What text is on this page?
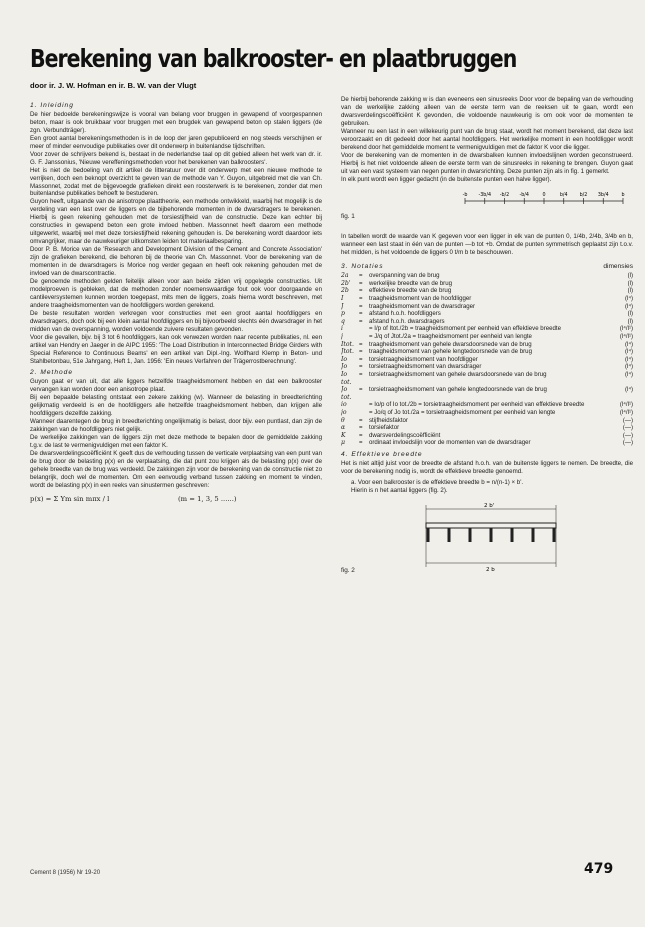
Berekening van balkrooster- en plaatbruggen
door ir. J. W. Hofman en ir. B. W. van der Vlugt
1. Inleiding

De hier bedoelde berekeningswijze is vooral van belang voor bruggen in gewapend of voorgespannen beton, maar is ook bruikbaar voor bruggen met een brugdek van gewapend beton op stalen liggers (de zgn. Verbundträger).

Een groot aantal berekeningsmethoden is in de loop der jaren gepubliceerd en nog steeds verschijnen er meer of minder eenvoudige publikaties over dit onderwerp in buitenlandse tijdschriften.

Voor zover de schrijvers bekend is, bestaat in de nederlandse taal op dit gebied alleen het werk van dr. ir. G. F. Janssonius, 'Nieuwe vereffeningsmethoden voor het berekenen van balkroosters'.

Het is niet de bedoeling van dit artikel de litteratuur over dit onderwerp met een nieuwe methode te verrijken, doch een beknopt overzicht te geven van de methode van Y. Guyon, uitgebreid met die van Ch. Massonnet, zodat met de bijgevoegde grafieken direkt een roosterwerk is te berekenen, zonder dat men buitenlandse publikaties behoeft te bestuderen.

Guyon heeft, uitgaande van de anisotrope plaattheorie, een methode ontwikkeld, waarbij het mogelijk is de verdeling van een last over de liggers en de bijbehorende momenten in de dwarsdragers te berekenen. Hierbij is geen rekening gehouden met de torsiestijfheid van de constructie. Deze kan echter bij constructies in gewapend beton een grote invloed hebben. Massonnet heeft daarom een methode uitgewerkt, waarbij wel met deze torsiestijfheid rekening gehouden is. De berekening wordt daardoor iets omvangrijker, maar de nauwkeuriger uitkomsten leiden tot materiaalbesparing.

Door P. B. Morice van de 'Research and Development Division of the Cement and Concrete Association' zijn de grafieken berekend, die behoren bij de theorie van Ch. Massonnet. Voor de berekening van de momenten in de dwarsdragers is Morice nog verder gegaan en heeft ook rekening gehouden met de invloed van de dwarscontractie.

De genoemde methoden gelden feitelijk alleen voor aan beide zijden vrij opgelegde constructies. Uit modelproeven is gebleken, dat de methoden zonder noemenswaardige fout ook voor doorgaande en cantileversystemen kunnen worden toegepast, mits men de liggers, zoals hierna wordt beschreven, met andere traagheidsmomenten van de hoofdliggers worden gerekend.

De beste resultaten worden verkregen voor constructies met een groot aantal hoofdliggers en dwarsdragers, doch ook bij een klein aantal hoofdliggers en bij bijvoorbeeld slechts één dwarsdrager in het midden van de overspanning, worden voldoende zuivere resultaten gevonden.

Voor die gevallen, bijv. bij 3 tot 6 hoofdliggers, kan ook verwezen worden naar recente publikaties, nl. een artikel van Hendry en Jaeger in de AIPC 1955: 'The Load Distribution in Interconnected Bridge Girders with Special Reference to Continuous Beams' en een artikel van Dipl.-Ing. Wolfhard Klemp in Beton- und Stahlbetonbau, 51e Jahrgang, Heft 1, Jan. 1956: 'Ein neues Verfahren der Trägerrostberechnung'.

2. Methode

Guyon gaat er van uit, dat alle liggers hetzelfde traagheidsmoment hebben en dat een balkrooster vervangen kan worden door een anisotrope plaat.

Bij een bepaalde belasting ontstaat een zekere zakking (w). Wanneer de belasting in breedterichting gelijkmatig verdeeld is en de hoofdliggers alle hetzelfde traagheidsmoment hebben, dan krijgen alle hoofdliggers dezelfde zakking.

Wanneer daarentegen de brug in breedterichting ongelijkmatig is belast, door bijv. een puntlast, dan zijn de zakkingen van de hoofdliggers niet gelijk.

De werkelijke zakkingen van de liggers zijn met deze methode te bepalen door de gemiddelde zakking t.g.v. de last te vermenigvuldigen met een faktor K.

De dwarsverdelingscoëfficiënt K geeft dus de verhouding tussen de verticale verplaatsing van een punt van de brug door de belasting p(x) en de verplaatsing, die dat punt zou krijgen als de belasting p(x) over de gehele breedte van de brug was verdeeld. De zakkingen zijn voor de berekening van de constructie niet zo belangrijk, doch wel de momenten. Om een eenvoudig verband tussen zakking en moment te vinden, wordt de belasting p(x) in een reeks van sinustermen geschreven:

p(x) = Σ Ym sin mπx / l	(m = 1, 3, 5 ......)

De hierbij behorende zakking w is dan eveneens een sinusreeks Door voor de bepaling van de verhouding van de werkelijke zakking alleen van de eerste term van de reeksen uit te gaan, wordt een dwarsverdelingscoëfficiënt K gevonden, die voldoende nauwkeurig is om ook voor de momenten te gebruiken.

Wanneer nu een last in een willekeurig punt van de brug staat, wordt het moment berekend, dat deze last veroorzaakt en dit gedeeld door het aantal hoofdliggers. Het werkelijke moment in een hoofdligger wordt berekend door het gemiddelde moment te vermenigvuldigen met de faktor K voor die ligger.

Voor de berekening van de momenten in de dwarsbalken kunnen invloedslijnen worden geconstrueerd. Hierbij is het niet voldoende alleen de eerste term van de sinusreeks in rekening te brengen. Guyon gaat uit van een vast systeem van negen punten in dwarsrichting. Deze punten zijn als in fig. 1 gemerkt.

In elk punt wordt een ligger gedacht (in de buitenste punten een halve ligger).

fig. 1
-b -3b/4 -b/2 -b/4	0	b/4	b/2 3b/4	b

In tabellen wordt de waarde van K gegeven voor een ligger in elk van de punten 0, 1/4b, 2/4b, 3/4b en b, wanneer een last staat in één van de punten —b tot +b. Omdat de punten symmetrisch geplaatst zijn t.o.v. het midden, is het voldoende de liggers 0 t/m b te beschouwen.

3. Notaties	dimensies
2a	=	overspanning van de brug	(l)
2b'	=	werkelijke breedte van de brug	(l)
2b	=	effektieve breedte van de brug	(l)
I	=	traagheidsmoment van de hoofdligger	(l⁴)
J	=	traagheidsmoment van de dwarsdrager	(l⁴)
p	=	afstand h.o.h. hoofdliggers	(l)
q	=	afstand h.o.h. dwarsdragers	(l)
i		= I/p of Itot./2b = traagheidsmoment per eenheid van effektieve breedte	(l⁴/l¹)
j		= J/q of Jtot./2a = traagheidsmoment per eenheid van lengte	(l⁴/l¹)
Itot.	=	traagheidsmoment van gehele dwarsdoorsnede van de brug	(l⁴)
Jtot.	=	traagheidsmoment van gehele lengtedoorsnede van de brug	(l⁴)
Io	=	torsietraagheidsmoment van hoofdligger	(l⁴)
Jo	=	torsietraagheidsmoment van dwarsdrager	(l⁴)
Io tot.	=	torsietraagheidsmoment van gehele dwarsdoorsnede van de brug	(l⁴)
Jo tot.	=	torsietraagheidsmoment van gehele lengtedoorsnede van de brug	(l⁴)
io		= Io/p of Io tot./2b = torsietraagheidsmoment per eenheid van effektieve breedte	(l⁴/l¹)
jo		= Jo/q of Jo tot./2a = torsietraagheidsmoment per eenheid van lengte	(l⁴/l¹)
θ	=	stijfheidsfaktor	(—)
α	=	torsiefaktor	(—)
K	=	dwarsverdelingscoëfficiënt	(—)
μ	=	ordinaat invloedslijn voor de momenten van de dwarsdrager	(—)
4. Effektieve breedte

Het is niet altijd juist voor de breedte de afstand h.o.h. van de buitenste liggers te nemen. De breedte, die voor de berekening nodig is, wordt de effektieve breedte genoemd.

a. Voor een balkrooster is de effektieve breedte b = n/(n-1) × b'.

Hierin is n het aantal liggers (fig. 2).

fig. 2
2 b'
2 b
Cement 8 (1956) Nr 19-20	479
